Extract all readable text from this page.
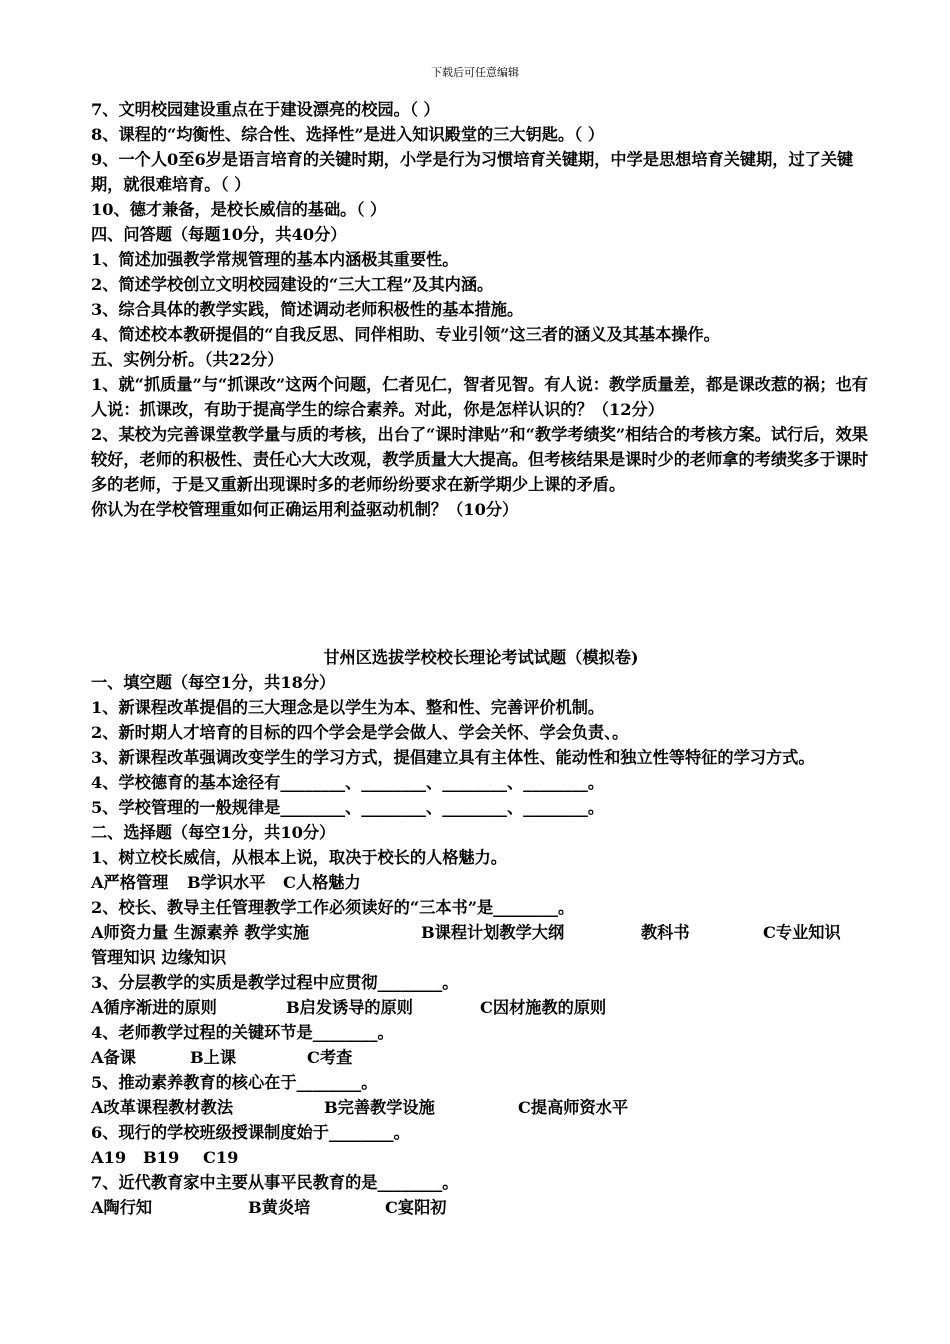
下载后可任意编辑
7、文明校园建设重点在于建设漂亮的校园。（ ）
8、课程的“均衡性、综合性、选择性”是进入知识殿堂的三大钥匙。（ ）
9、一个人0至6岁是语言培育的关键时期，小学是行为习惯培育关键期，中学是思想培育关键期，过了关键期，就很难培育。（ ）
10、德才兼备，是校长威信的基础。（ ）
四、问答题（每题10分，共40分）
1、简述加强教学常规管理的基本内涵极其重要性。
2、简述学校创立文明校园建设的“三大工程”及其内涵。
3、综合具体的教学实践，简述调动老师积极性的基本措施。
4、简述校本教研提倡的“自我反思、同伴相助、专业引领”这三者的涵义及其基本操作。
五、实例分析。（共22分）
1、就“抓质量”与“抓课改”这两个问题，仁者见仁，智者见智。有人说：教学质量差，都是课改惹的祸；也有人说：抓课改，有助于提高学生的综合素养。对此，你是怎样认识的？（12分）
2、某校为完善课堂教学量与质的考核，出台了“课时津贴”和“教学考绩奖”相结合的考核方案。试行后，效果较好，老师的积极性、责任心大大改观，教学质量大大提高。但考核结果是课时少的老师拿的考绩奖多于课时多的老师，于是又重新出现课时多的老师纷纷要求在新学期少上课的矛盾。
你认为在学校管理重如何正确运用利益驱动机制？（10分）
甘州区选拔学校校长理论考试试题（模拟卷)
一、填空题（每空1分，共18分）
1、新课程改革提倡的三大理念是以学生为本、整和性、完善评价机制。
2、新时期人才培育的目标的四个学会是学会做人、学会关怀、学会负责、。
3、新课程改革强调改变学生的学习方式，提倡建立具有主体性、能动性和独立性等特征的学习方式。
4、学校德育的基本途径有________、________、________、________。
5、学校管理的一般规律是________、________、________、________。
二、选择题（每空1分，共10分）
1、树立校长威信，从根本上说，取决于校长的人格魅力。
A严格管理	B学识水平	C人格魅力
2、校长、教导主任管理教学工作必须读好的“三本书”是________。
A师资力量 生源素养 教学实施	B课程计划教学大纲	教科书	C专业知识
管理知识 边缘知识
3、分层教学的实质是教学过程中应贯彻________。
A循序渐进的原则	B启发诱导的原则	C因材施教的原则
4、老师教学过程的关键环节是________。
A备课	B上课	C考查
5、推动素养教育的核心在于________。
A改革课程教材教法	B完善教学设施	C提高师资水平
6、现行的学校班级授课制度始于________。
A19	B19	C19
7、近代教育家中主要从事平民教育的是________。
A陶行知	B黄炎培	C宴阳初
